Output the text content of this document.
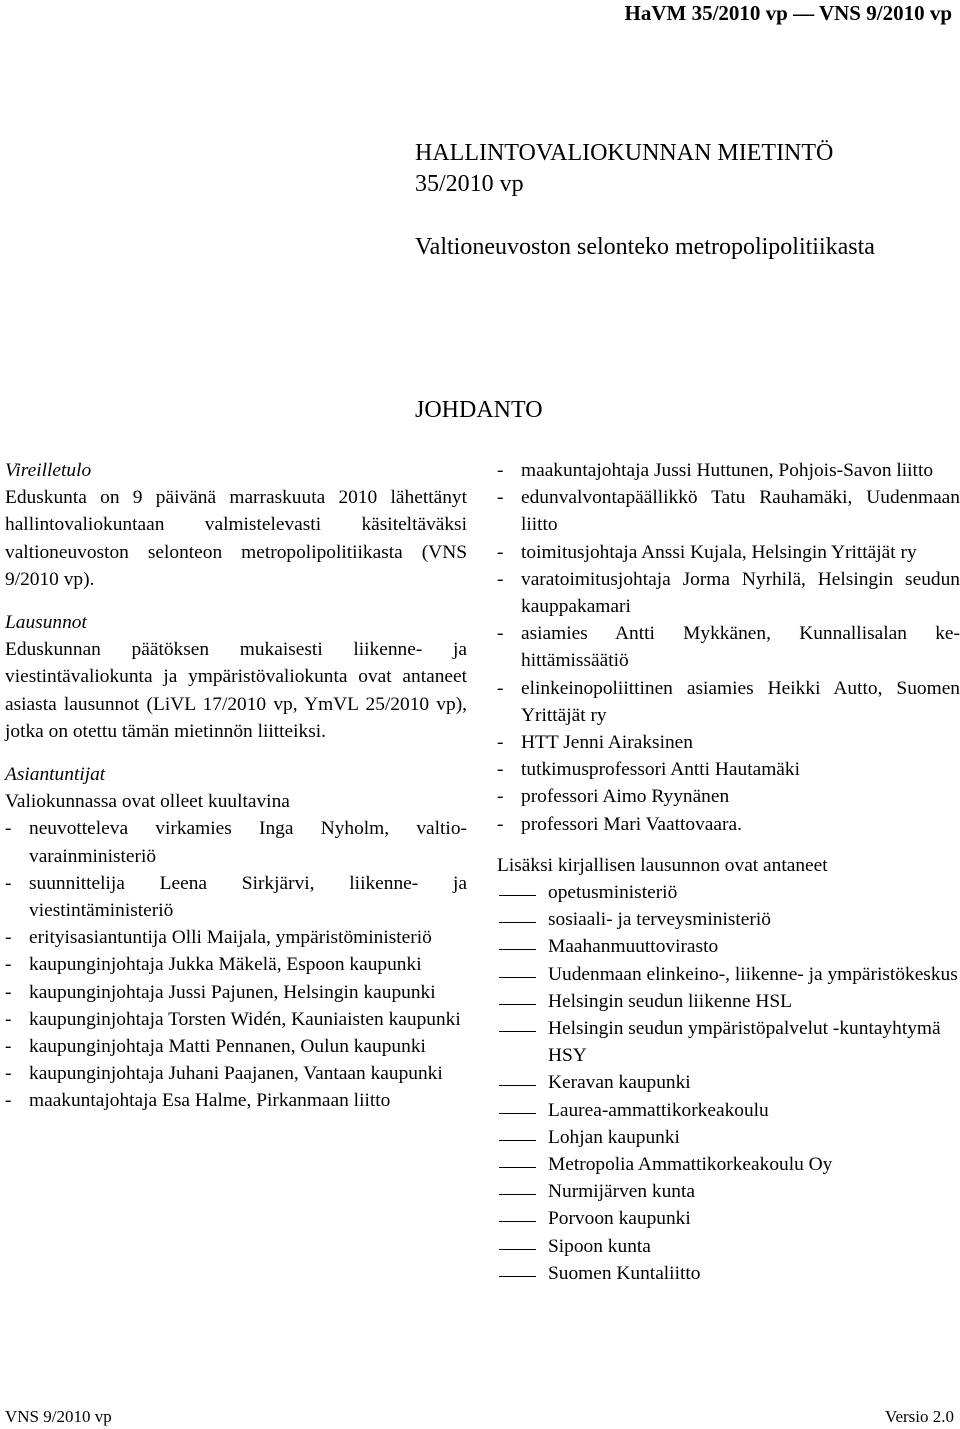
HaVM 35/2010 vp — VNS 9/2010 vp
HALLINTOVALIOKUNNAN MIETINTÖ
35/2010 vp
Valtioneuvoston selonteko metropolipolitiikasta
JOHDANTO

Vireilletulo

Eduskunta on 9 päivänä marraskuuta 2010 lähettänyt hallintovaliokuntaan valmistelevasti käsiteltäväksi valtioneuvoston selonteon metropolipolitiikasta (VNS 9/2010 vp).

Lausunnot

Eduskunnan päätöksen mukaisesti liikenne- ja viestintävaliokunta ja ympäristövaliokunta ovat antaneet asiasta lausunnot (LiVL 17/2010 vp, YmVL 25/2010 vp), jotka on otettu tämän mietinnön liitteiksi.

Asiantuntijat

Valiokunnassa ovat olleet kuultavina

- neuvotteleva virkamies Inga Nyholm, valtiovarainministeriö
- suunnittelija Leena Sirkjärvi, liikenne- ja viestintäministeriö
- erityisasiantuntija Olli Maijala, ympäristöministeriö
- kaupunginjohtaja Jukka Mäkelä, Espoon kaupunki
- kaupunginjohtaja Jussi Pajunen, Helsingin kaupunki
- kaupunginjohtaja Torsten Widén, Kauniaisten kaupunki
- kaupunginjohtaja Matti Pennanen, Oulun kaupunki
- kaupunginjohtaja Juhani Paajanen, Vantaan kaupunki
- maakuntajohtaja Esa Halme, Pirkanmaan liitto
- maakuntajohtaja Jussi Huttunen, Pohjois-Savon liitto
- edunvalvontapäällikkö Tatu Rauhamäki, Uudenmaan liitto
- toimitusjohtaja Anssi Kujala, Helsingin Yrittäjät ry
- varatoimitusjohtaja Jorma Nyrhilä, Helsingin seudun kauppakamari
- asiamies Antti Mykkänen, Kunnallisalan kehittämissäätiö
- elinkeinopoliittinen asiamies Heikki Autto, Suomen Yrittäjät ry
- HTT Jenni Airaksinen
- tutkimusprofessori Antti Hautamäki
- professori Aimo Ryynänen
- professori Mari Vaattovaara.

Lisäksi kirjallisen lausunnon ovat antaneet

opetusministeriö
sosiaali- ja terveysministeriö
Maahanmuuttovirasto
Uudenmaan elinkeino-, liikenne- ja ympäristökeskus
Helsingin seudun liikenne HSL
Helsingin seudun ympäristöpalvelut -kuntayhtymä HSY
Keravan kaupunki
Laurea-ammattikorkeakoulu
Lohjan kaupunki
Metropolia Ammattikorkeakoulu Oy
Nurmijärven kunta
Porvoon kaupunki
Sipoon kunta
Suomen Kuntaliitto
VNS 9/2010 vp	Versio 2.0
